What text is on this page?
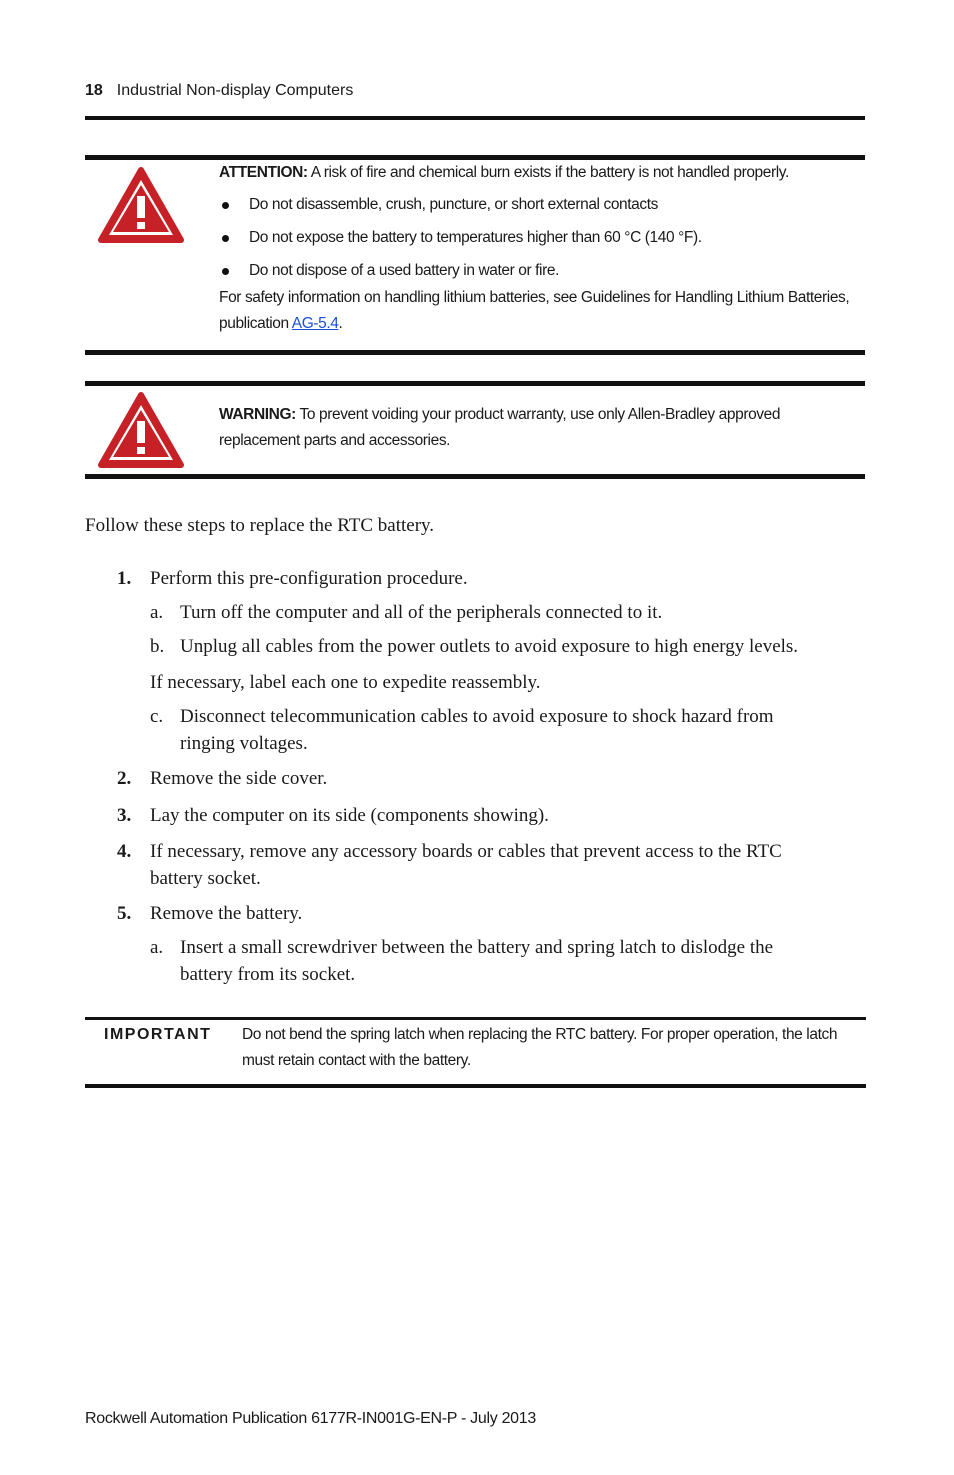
18 Industrial Non-display Computers
ATTENTION: A risk of fire and chemical burn exists if the battery is not handled properly.
Do not disassemble, crush, puncture, or short external contacts
Do not expose the battery to temperatures higher than 60 °C (140 °F).
Do not dispose of a used battery in water or fire.
For safety information on handling lithium batteries, see Guidelines for Handling Lithium Batteries, publication AG-5.4.
WARNING: To prevent voiding your product warranty, use only Allen-Bradley approved replacement parts and accessories.
Follow these steps to replace the RTC battery.
1. Perform this pre-configuration procedure.
a. Turn off the computer and all of the peripherals connected to it.
b. Unplug all cables from the power outlets to avoid exposure to high energy levels.
If necessary, label each one to expedite reassembly.
c. Disconnect telecommunication cables to avoid exposure to shock hazard from ringing voltages.
2. Remove the side cover.
3. Lay the computer on its side (components showing).
4. If necessary, remove any accessory boards or cables that prevent access to the RTC battery socket.
5. Remove the battery.
a. Insert a small screwdriver between the battery and spring latch to dislodge the battery from its socket.
IMPORTANT Do not bend the spring latch when replacing the RTC battery. For proper operation, the latch must retain contact with the battery.
Rockwell Automation Publication 6177R-IN001G-EN-P - July 2013
